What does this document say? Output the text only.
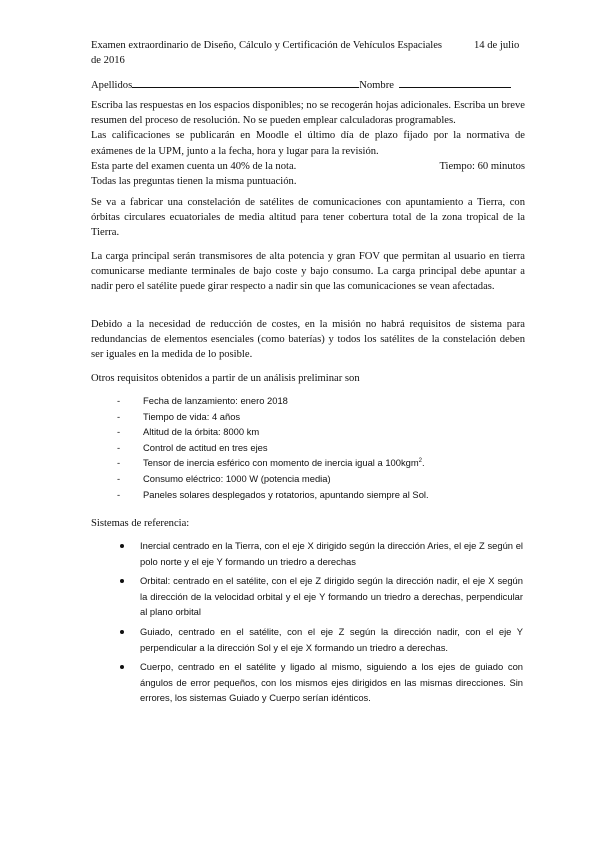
Examen extraordinario de Diseño, Cálculo y Certificación de Vehículos Espaciales
de 2016
14 de julio
Apellidos	Nombre
Escriba las respuestas en los espacios disponibles; no se recogerán hojas adicionales. Escriba un breve resumen del proceso de resolución. No se pueden emplear calculadoras programables.
Las calificaciones se publicarán en Moodle el último día de plazo fijado por la normativa de exámenes de la UPM, junto a la fecha, hora y lugar para la revisión.
Esta parte del examen cuenta un 40% de la nota.	Tiempo: 60 minutos
Todas las preguntas tienen la misma puntuación.

Se va a fabricar una constelación de satélites de comunicaciones con apuntamiento a Tierra, con órbitas circulares ecuatoriales de media altitud para tener cobertura total de la zona tropical de la Tierra.

La carga principal serán transmisores de alta potencia y gran FOV que permitan al usuario en tierra comunicarse mediante terminales de bajo coste y bajo consumo. La carga principal debe apuntar a nadir pero el satélite puede girar respecto a nadir sin que las comunicaciones se vean afectadas.

Debido a la necesidad de reducción de costes, en la misión no habrá requisitos de sistema para redundancias de elementos esenciales (como baterías) y todos los satélites de la constelación deben ser iguales en la medida de lo posible.

Otros requisitos obtenidos a partir de un análisis preliminar son

- Fecha de lanzamiento: enero 2018
- Tiempo de vida: 4 años
- Altitud de la órbita: 8000 km
- Control de actitud en tres ejes
- Tensor de inercia esférico con momento de inercia igual a 100kgm$^2$.
- Consumo eléctrico: 1000 W (potencia media)
- Paneles solares desplegados y rotatorios, apuntando siempre al Sol.

Sistemas de referencia:

Inercial centrado en la Tierra, con el eje X dirigido según la dirección Aries, el eje Z según el polo norte y el eje Y formando un triedro a derechas
Orbital: centrado en el satélite, con el eje Z dirigido según la dirección nadir, el eje X según la dirección de la velocidad orbital y el eje Y formando un triedro a derechas, perpendicular al plano orbital
Guiado, centrado en el satélite, con el eje Z según la dirección nadir, con el eje Y perpendicular a la dirección Sol y el eje X formando un triedro a derechas.
Cuerpo, centrado en el satélite y ligado al mismo, siguiendo a los ejes de guiado con ángulos de error pequeños, con los mismos ejes dirigidos en las mismas direcciones. Sin errores, los sistemas Guiado y Cuerpo serían idénticos.
